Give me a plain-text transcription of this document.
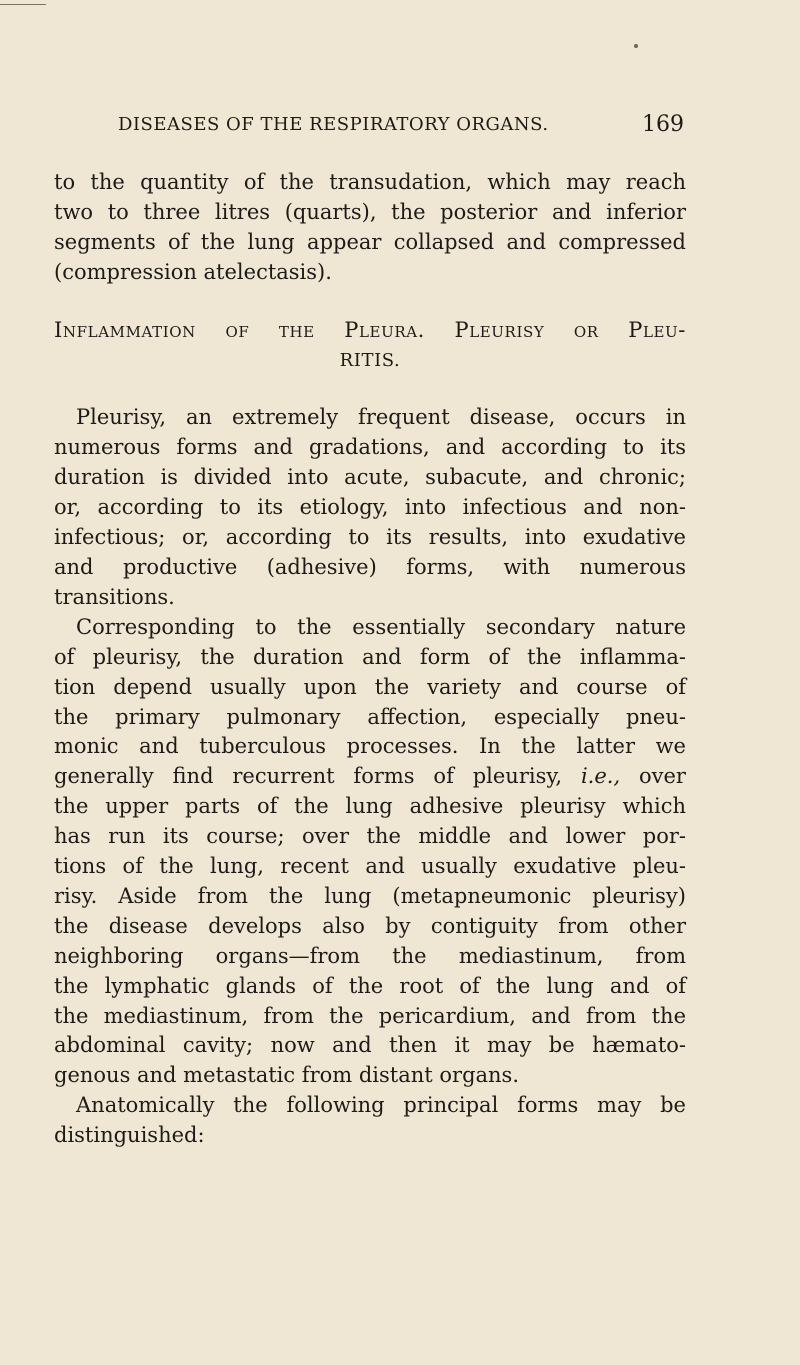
DISEASES OF THE RESPIRATORY ORGANS.	169
to the quantity of the transudation, which may reach
two to three litres (quarts), the posterior and inferior
segments of the lung appear collapsed and compressed
(compression atelectasis).
Inflammation of the Pleura. Pleurisy or Pleu-
RITIS.
Pleurisy, an extremely frequent disease, occurs in
numerous forms and gradations, and according to its
duration is divided into acute, subacute, and chronic;
or, according to its etiology, into infectious and non-
infectious; or, according to its results, into exudative
and productive (adhesive) forms, with numerous
transitions.
Corresponding to the essentially secondary nature
of pleurisy, the duration and form of the inflamma-
tion depend usually upon the variety and course of
the primary pulmonary affection, especially pneu-
monic and tuberculous processes. In the latter we
generally find recurrent forms of pleurisy, i.e., over
the upper parts of the lung adhesive pleurisy which
has run its course; over the middle and lower por-
tions of the lung, recent and usually exudative pleu-
risy. Aside from the lung (metapneumonic pleurisy)
the disease develops also by contiguity from other
neighboring organs—from the mediastinum, from
the lymphatic glands of the root of the lung and of
the mediastinum, from the pericardium, and from the
abdominal cavity; now and then it may be hæmato-
genous and metastatic from distant organs.
Anatomically the following principal forms may be
distinguished:
